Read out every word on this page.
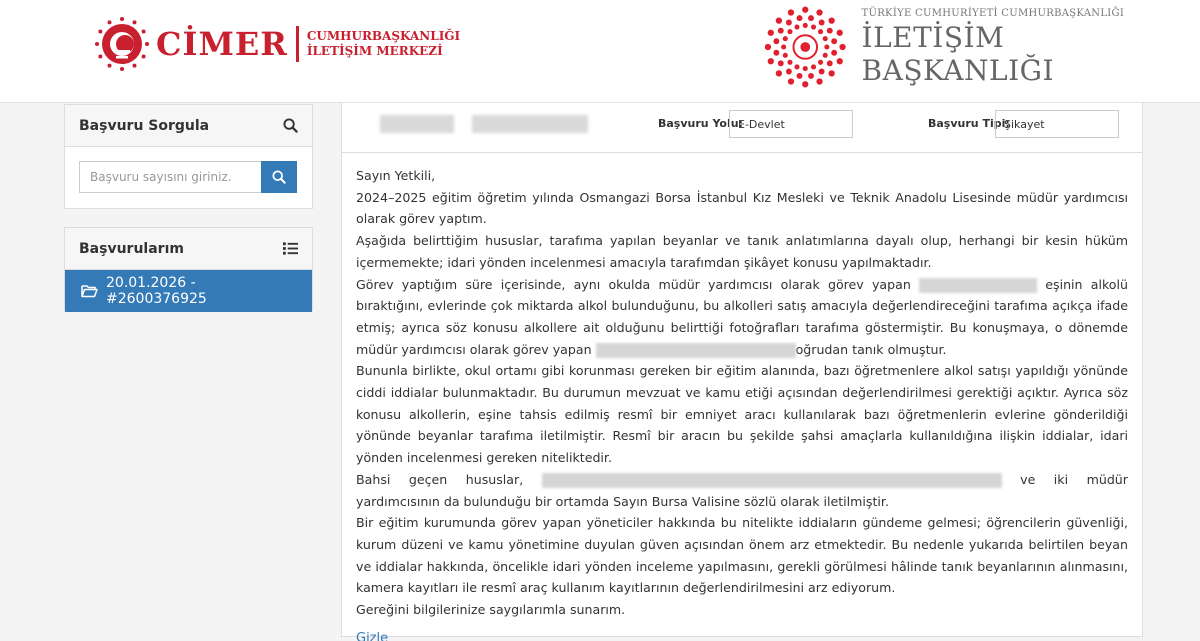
CİMER CUMHURBAŞKANLIĞI
İLETİŞİM MERKEZİ
TÜRKİYE CUMHURİYETİ CUMHURBAŞKANLIĞI
İLETİŞİM BAŞKANLIĞI
Başvuru Sorgula
Başvuru sayısını giriniz.
Başvurularım
20.01.2026 - #2600376925
Başvuru Yolu:
E-Devlet	Başvuru Tipi:
Şikayet

Sayın Yetkili,

2024–2025 eğitim öğretim yılında Osmangazi Borsa İstanbul Kız Mesleki ve Teknik Anadolu Lisesinde müdür yardımcısı olarak görev yaptım.

Aşağıda belirttiğim hususlar, tarafıma yapılan beyanlar ve tanık anlatımlarına dayalı olup, herhangi bir kesin hüküm içermemekte; idari yönden incelenmesi amacıyla tarafımdan şikâyet konusu yapılmaktadır.

Görev yaptığım süre içerisinde, aynı okulda müdür yardımcısı olarak görev yapan	eşinin alkolü bıraktığını, evlerinde çok miktarda alkol bulunduğunu, bu alkolleri satış amacıyla değerlendireceğini tarafıma açıkça ifade etmiş; ayrıca söz konusu alkollere ait olduğunu belirttiği fotoğrafları tarafıma göstermiştir. Bu konuşmaya, o dönemde müdür yardımcısı olarak görev yapan	oğrudan tanık olmuştur.

Bununla birlikte, okul ortamı gibi korunması gereken bir eğitim alanında, bazı öğretmenlere alkol satışı yapıldığı yönünde ciddi iddialar bulunmaktadır. Bu durumun mevzuat ve kamu etiği açısından değerlendirilmesi gerektiği açıktır. Ayrıca söz konusu alkollerin, eşine tahsis edilmiş resmî bir emniyet aracı kullanılarak bazı öğretmenlerin evlerine gönderildiği yönünde beyanlar tarafıma iletilmiştir. Resmî bir aracın bu şekilde şahsi amaçlarla kullanıldığına ilişkin iddialar, idari yönden incelenmesi gereken niteliktedir.

Bahsi geçen hususlar,	ve iki müdür yardımcısının da bulunduğu bir ortamda Sayın Bursa Valisine sözlü olarak iletilmiştir.

Bir eğitim kurumunda görev yapan yöneticiler hakkında bu nitelikte iddiaların gündeme gelmesi; öğrencilerin güvenliği, kurum düzeni ve kamu yönetimine duyulan güven açısından önem arz etmektedir. Bu nedenle yukarıda belirtilen beyan ve iddialar hakkında, öncelikle idari yönden inceleme yapılmasını, gerekli görülmesi hâlinde tanık beyanlarının alınmasını, kamera kayıtları ile resmî araç kullanım kayıtlarının değerlendirilmesini arz ediyorum.

Gereğini bilgilerinize saygılarımla sunarım.

Gizle
